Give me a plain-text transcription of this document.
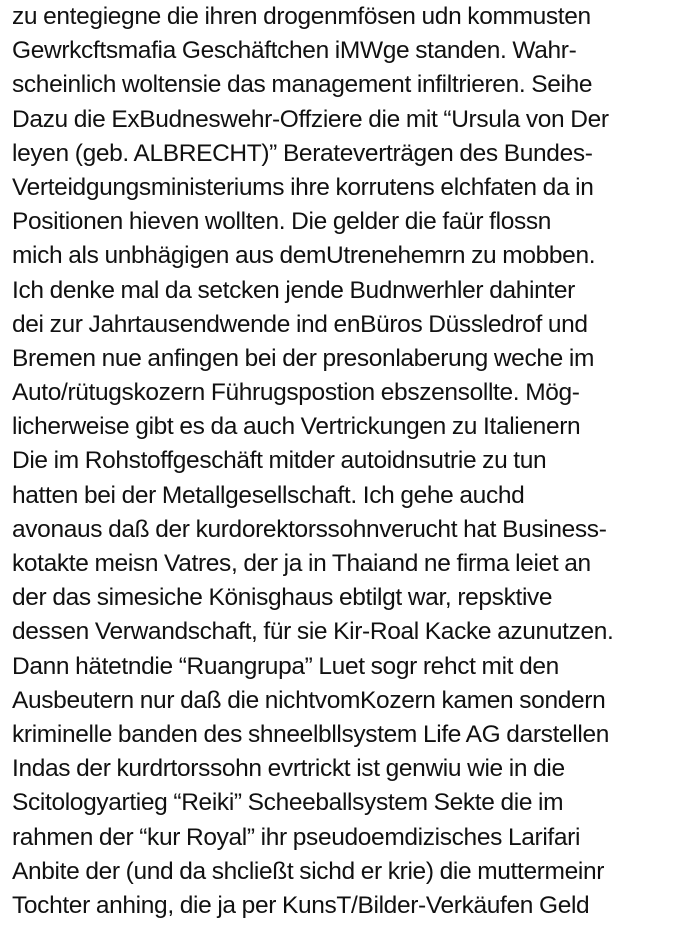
zu entegiegne die ihren drogenmfösen udn kommusten
Gewrkcftsmafia Geschäftchen iMWge standen. Wahr-
scheinlich woltensie das management infiltrieren. Seihe
Dazu die ExBudneswehr-Offziere die mit “Ursula von Der
leyen (geb. ALBRECHT)” Berateverträgen des Bundes-
Verteidgungsministeriums ihre korrutens elchfaten da in
Positionen hieven wollten. Die gelder die faür flossn
mich als unbhägigen aus demUtrenehemrn zu mobben.
Ich denke mal da setcken jende Budnwerhler dahinter
dei zur Jahrtausendwende ind enBüros Düssledrof und
Bremen nue anfingen bei der presonlaberung weche im
Auto/rütugskozern Führugspostion ebszensollte. Mög-
licherweise gibt es da auch Vertrickungen zu Italienern
Die im Rohstoffgeschäft mitder autoidnsutrie zu tun
hatten bei der Metallgesellschaft. Ich gehe auchd
avonaus daß der kurdorektorssohnverucht hat Business-
kotakte meisn Vatres, der ja in Thaiand ne firma leiet an
der das simesiche Könisghaus ebtilgt war, repsktive
dessen Verwandschaft, für sie Kir-Roal Kacke azunutzen.
Dann hätetndie “Ruangrupa” Luet sogr rehct mit den
Ausbeutern nur daß die nichtvomKozern kamen sondern
kriminelle banden des shneelbllsystem Life AG darstellen
Indas der kurdrtorssohn evrtrickt ist genwiu wie in die
Scitologyartieg “Reiki” Scheeballsystem Sekte die im
rahmen der “kur Royal” ihr pseudoemdizisches Larifari
Anbite der (und da shcließt sichd er krie) die muttermeinr
Tochter anhing, die ja per KunsT/Bilder-Verkäufen Geld
